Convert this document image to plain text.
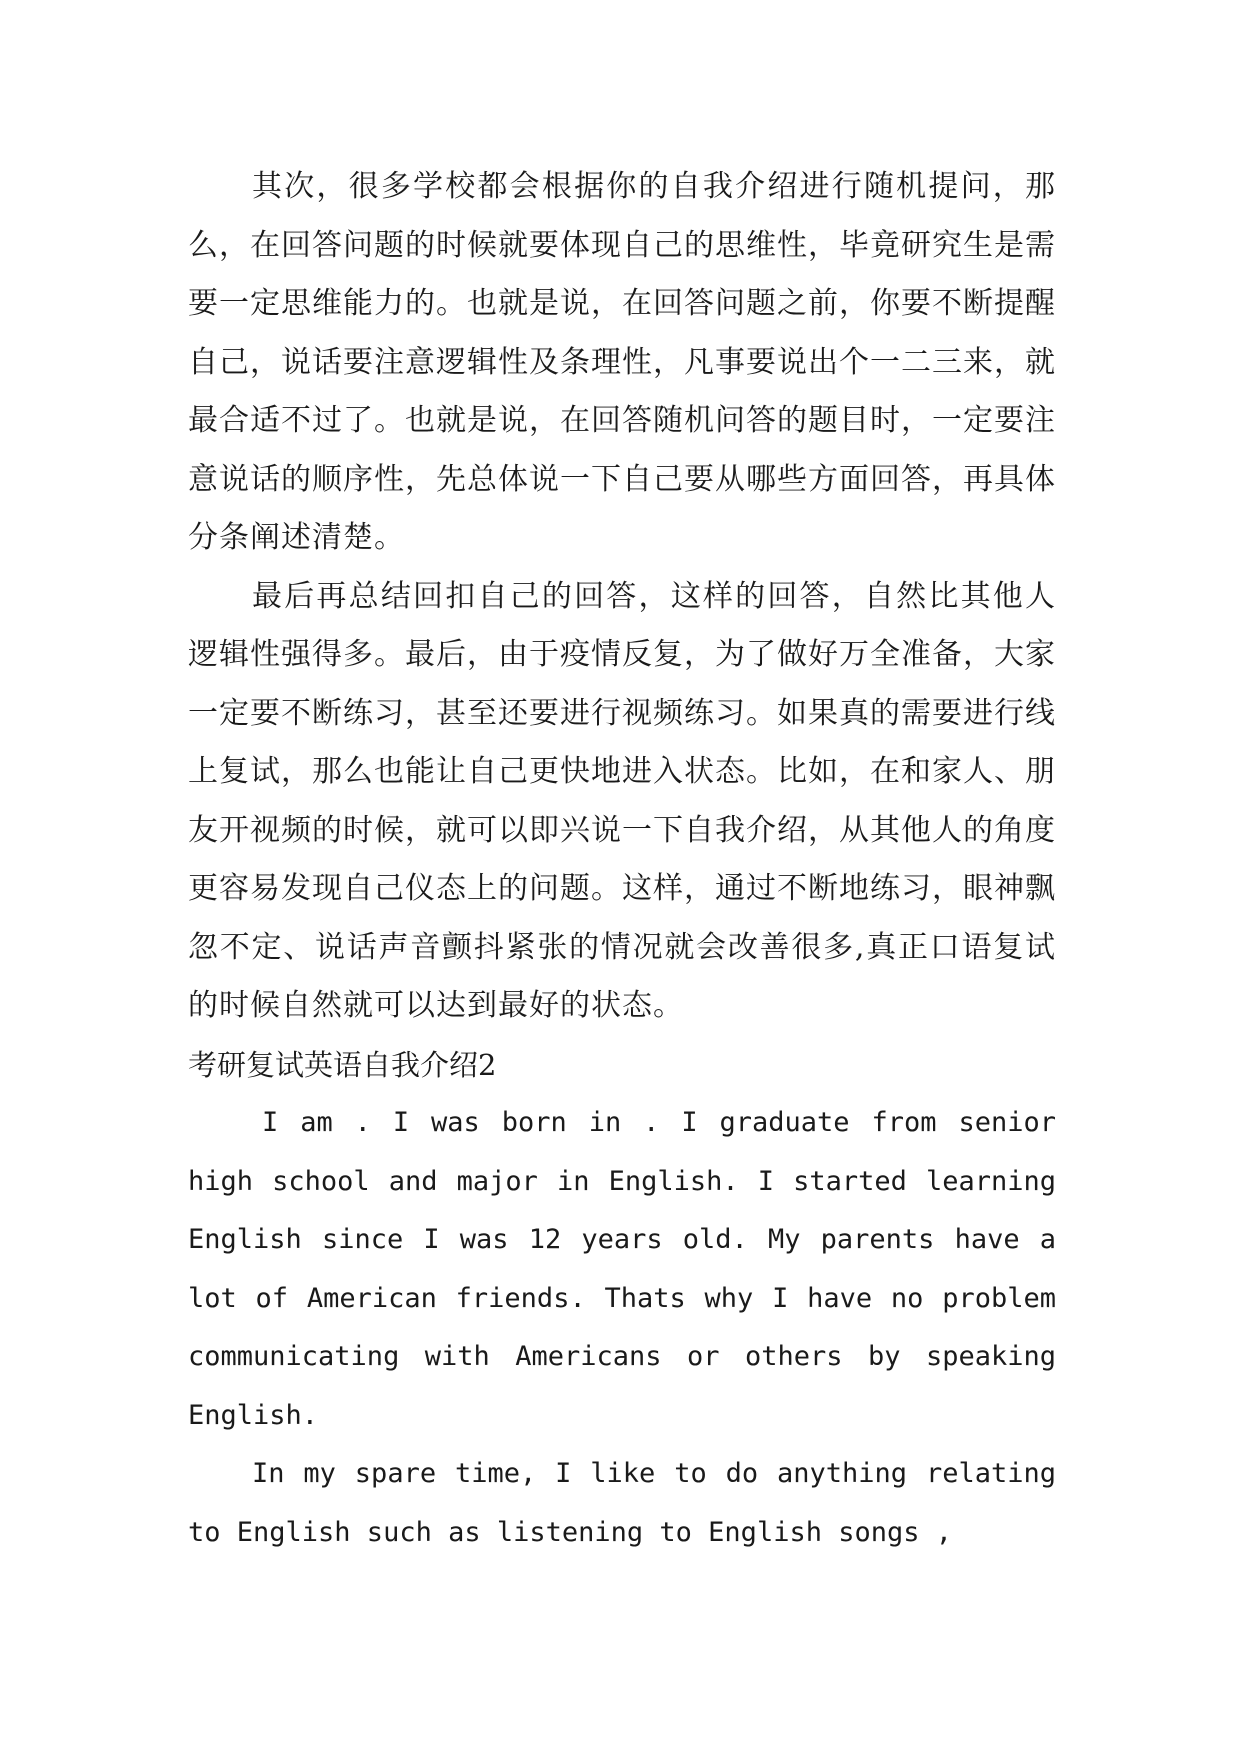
其次，很多学校都会根据你的自我介绍进行随机提问，那么，在回答问题的时候就要体现自己的思维性，毕竟研究生是需要一定思维能力的。也就是说，在回答问题之前，你要不断提醒自己，说话要注意逻辑性及条理性，凡事要说出个一二三来，就最合适不过了。也就是说，在回答随机问答的题目时，一定要注意说话的顺序性，先总体说一下自己要从哪些方面回答，再具体分条阐述清楚。

最后再总结回扣自己的回答，这样的回答，自然比其他人逻辑性强得多。最后，由于疫情反复，为了做好万全准备，大家一定要不断练习，甚至还要进行视频练习。如果真的需要进行线上复试，那么也能让自己更快地进入状态。比如，在和家人、朋友开视频的时候，就可以即兴说一下自我介绍，从其他人的角度更容易发现自己仪态上的问题。这样，通过不断地练习，眼神飘忽不定、说话声音颤抖紧张的情况就会改善很多,真正口语复试的时候自然就可以达到最好的状态。

考研复试英语自我介绍2

I am . I was born in . I graduate from senior high school and major in English. I started learning English since I was 12 years old. My parents have a lot of American friends. Thats why I have no problem communicating with Americans or others by speaking English.

In my spare time, I like to do anything relating to English such as listening to English songs ,
